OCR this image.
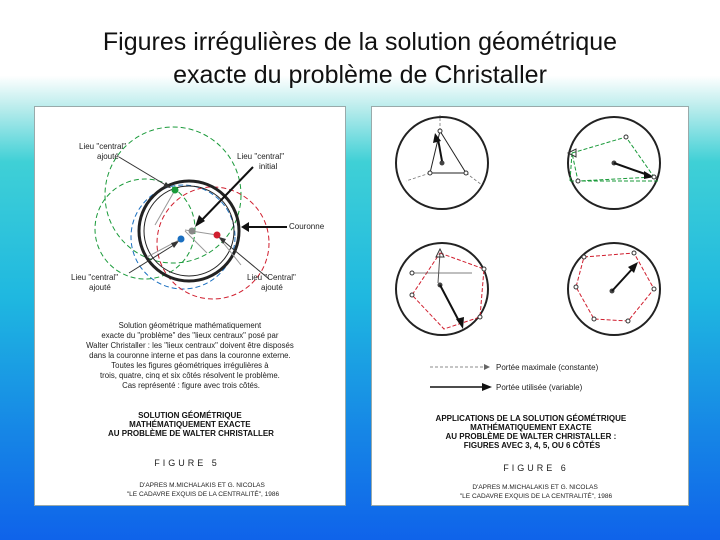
Figures irrégulières de la solution géométrique
exacte du problème de Christaller
Lieu "central" ajouté	Lieu "central" initial
Couronne
Lieu "central" ajouté
Lieu "Central" ajouté
Solution géométrique mathématiquement exacte du "problème" des "lieux centraux" posé par Walter Christaller : les "lieux centraux" doivent être disposés dans la couronne interne et pas dans la couronne externe. Toutes les figures géométriques irrégulières à trois, quatre, cinq et six côtés résolvent le problème. Cas représenté : figure avec trois côtés.
SOLUTION GÉOMÉTRIQUE MATHÉMATIQUEMENT EXACTE AU PROBLÈME DE WALTER CHRISTALLER
FIGURE 5
D'APRES M.MICHALAKIS ET G. NICOLAS "LE CADAVRE EXQUIS DE LA CENTRALITÉ", 1986
Portée maximale (constante)
Portée utilisée (variable)
APPLICATIONS DE LA SOLUTION GÉOMÉTRIQUE MATHÉMATIQUEMENT EXACTE AU PROBLÈME DE WALTER CHRISTALLER : FIGURES AVEC 3, 4, 5, OU 6 CÔTÉS
FIGURE 6
D'APRES M.MICHALAKIS ET G. NICOLAS "LE CADAVRE EXQUIS DE LA CENTRALITÉ", 1986
